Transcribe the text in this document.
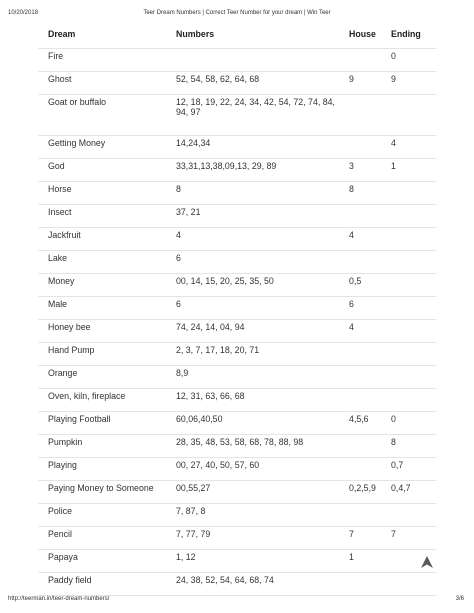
10/20/2018	Teer Dream Numbers | Correct Teer Number for your dream | Win Teer
Dream	Numbers	House	Ending
Fire			0
Ghost	52, 54, 58, 62, 64, 68	9	9
Goat or buffalo	12, 18, 19, 22, 24, 34, 42, 54, 72, 74, 84, 94, 97		
Getting Money	14,24,34		4
God	33,31,13,38,09,13, 29, 89	3	1
Horse	8	8	
Insect	37, 21		
Jackfruit	4	4	
Lake	6		
Money	00, 14, 15, 20, 25, 35, 50	0,5	
Male	6	6	
Honey bee	74, 24, 14, 04, 94	4	
Hand Pump	2, 3, 7, 17, 18, 20, 71		
Orange	8,9		
Oven, kiln, fireplace	12, 31, 63, 66, 68		
Playing Football	60,06,40,50	4,5,6	0
Pumpkin	28, 35, 48, 53, 58, 68, 78, 88, 98		8
Playing	00, 27, 40, 50, 57, 60		0,7
Paying Money to Someone	00,55,27	0,2,5,9	0,4,7
Police	7, 87, 8		
Pencil	7, 77, 79	7	7
Papaya	1, 12	1	
Paddy field	24, 38, 52, 54, 64, 68, 74		
http://teerman.in/teer-dream-numbers/	3/6
